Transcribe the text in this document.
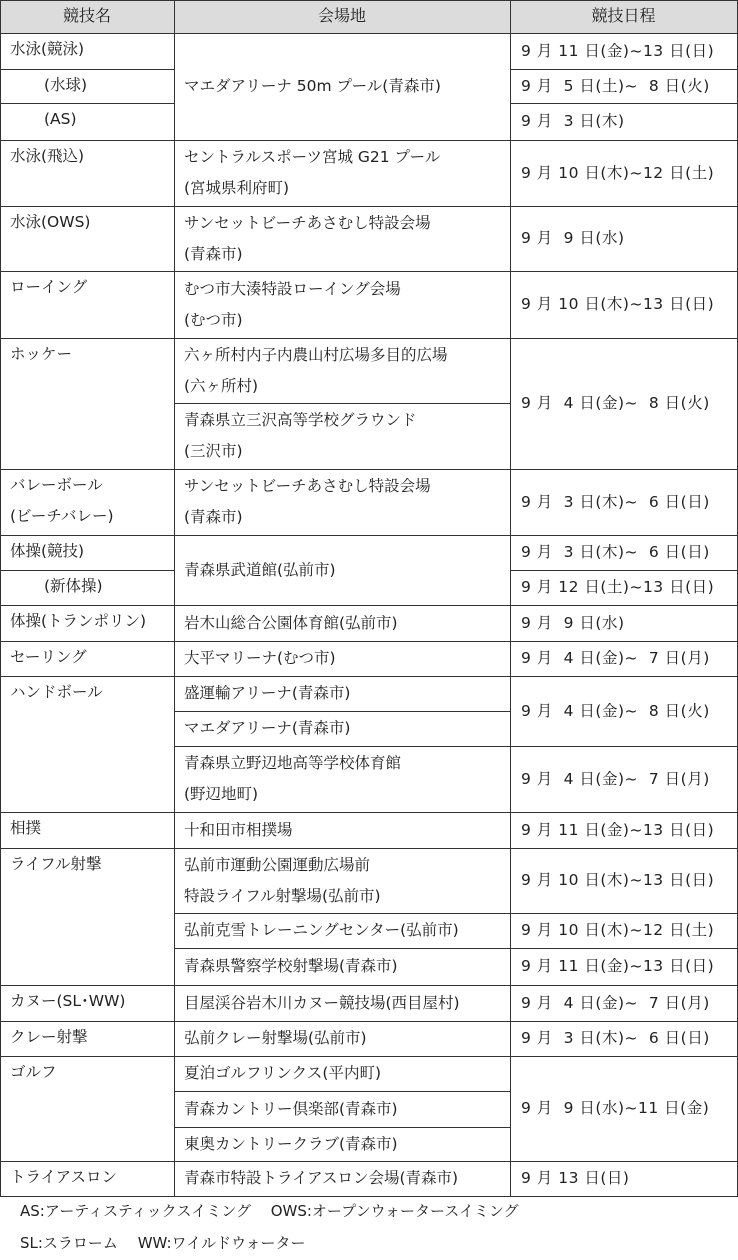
競技名	会場地	競技日程
水泳(競泳)
(水球)
(AS)
水泳(飛込)
水泳(OWS)
ローイング
ホッケー
バレーボール
(ビーチバレー)
体操(競技)
(新体操)
体操(トランポリン)
セーリング
ハンドボール
相撲
ライフル射撃
カヌー(SL･WW)
クレー射撃
ゴルフ
トライアスロン
マエダアリーナ 50m プール(青森市)
セントラルスポーツ宮城 G21 プール
(宮城県利府町)
サンセットビーチあさむし特設会場
(青森市)
むつ市大湊特設ローイング会場
(むつ市)
六ヶ所村内子内農山村広場多目的広場
(六ヶ所村)
青森県立三沢高等学校グラウンド
(三沢市)
サンセットビーチあさむし特設会場
(青森市)
青森県武道館(弘前市)
岩木山総合公園体育館(弘前市)
大平マリーナ(むつ市)
盛運輸アリーナ(青森市)
マエダアリーナ(青森市)
青森県立野辺地高等学校体育館
(野辺地町)
十和田市相撲場
弘前市運動公園運動広場前
特設ライフル射撃場(弘前市)
弘前克雪トレーニングセンター(弘前市)
青森県警察学校射撃場(青森市)
目屋渓谷岩木川カヌー競技場(西目屋村)
弘前クレー射撃場(弘前市)
夏泊ゴルフリンクス(平内町)
青森カントリー倶楽部(青森市)
東奥カントリークラブ(青森市)
青森市特設トライアスロン会場(青森市)
9 月 11 日(金)~13 日(日)
9 月  5 日(土)~  8 日(火)
9 月  3 日(木)
9 月 10 日(木)~12 日(土)
9 月  9 日(水)
9 月 10 日(木)~13 日(日)
9 月  4 日(金)~  8 日(火)
9 月  3 日(木)~  6 日(日)
9 月  3 日(木)~  6 日(日)
9 月 12 日(土)~13 日(日)
9 月  9 日(水)
9 月  4 日(金)~  7 日(月)
9 月  4 日(金)~  8 日(火)
9 月  4 日(金)~  7 日(月)
9 月 11 日(金)~13 日(日)
9 月 10 日(木)~13 日(日)
9 月 10 日(木)~12 日(土)
9 月 11 日(金)~13 日(日)
9 月  4 日(金)~  7 日(月)
9 月  3 日(木)~  6 日(日)
9 月  9 日(水)~11 日(金)
9 月 13 日(日)
AS:アーティスティックスイミング　 OWS:オープンウォータースイミング
SL:スラローム　 WW:ワイルドウォーター
